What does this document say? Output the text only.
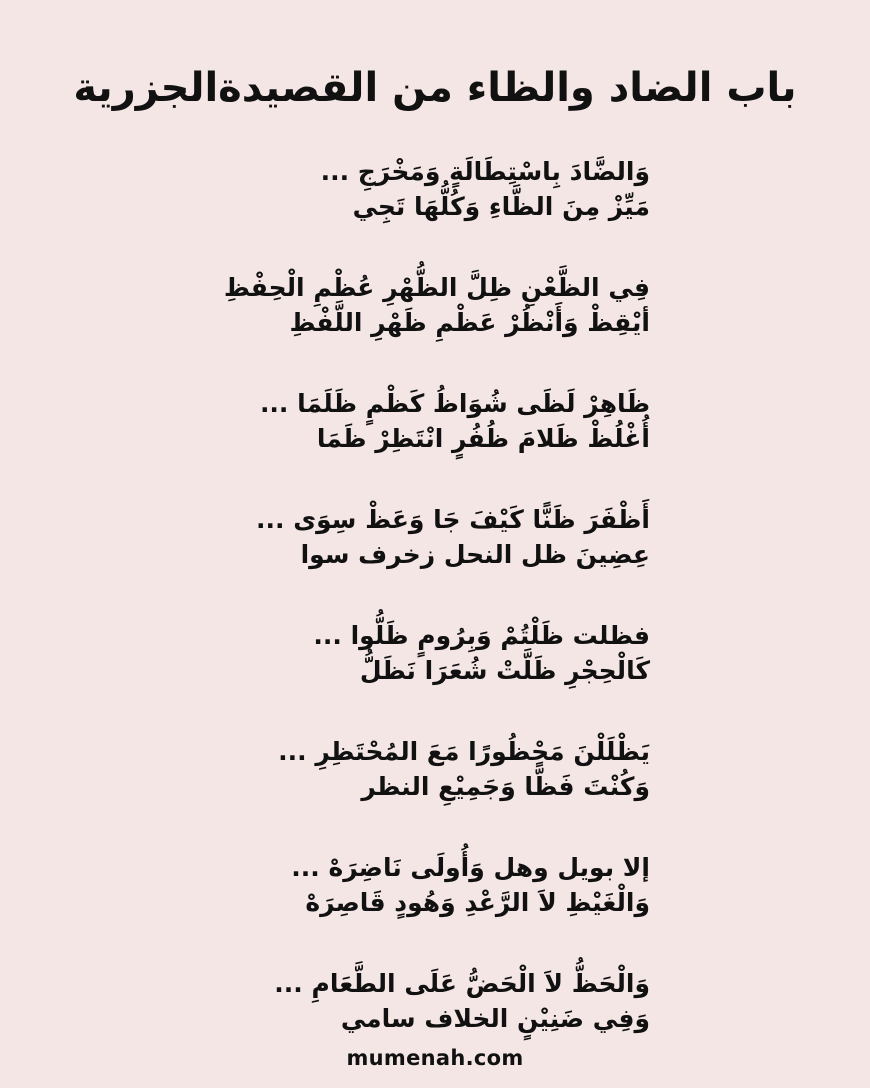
باب الضاد والظاء من القصيدةالجزرية
وَالضَّادَ بِاسْتِطَالَةٍ وَمَخْرَجِ ...
مَيِّزْ مِنَ الظَّاءِ وَكُلُّهَا تَجِي
فِي الظَّعْنِ ظِلَّ الظُّهْرِ عُظْمِ الْحِفْظِ
أيْقِظْ وَأَنْظُرْ عَظْمِ ظَهْرِ اللَّفْظِ
ظَاهِرْ لَظَى شُوَاظُ كَظْمٍ ظَلَمَا ...
أُغْلُظْ ظَلامَ ظُفُرٍ انْتَظِرْ ظَمَا
أَظْفَرَ ظَنًّا كَيْفَ جَا وَعَظْ سِوَى ...
عِضِينَ ظل النحل زخرف سوا
فظلت ظَلْتُمْ وَبِرُومٍ ظَلُّوا ...
كَالْحِجْرِ ظَلَّتْ شُعَرَا نَظَلُّ
يَظْلَلْنَ مَحْظُورًا مَعَ المُحْتَظِرِ ...
وَكُنْتَ فَظًّا وَجَمِيْعِ النظر
إلا بويل وهل وَأُولَى نَاضِرَهْ ...
وَالْغَيْظِ لاَ الرَّعْدِ وَهُودٍ قَاصِرَهْ
وَالْحَظُّ لاَ الْحَضُّ عَلَى الطَّعَامِ ...
وَفِي ضَنِيْنٍ الخلاف سامي
mumenah.com
